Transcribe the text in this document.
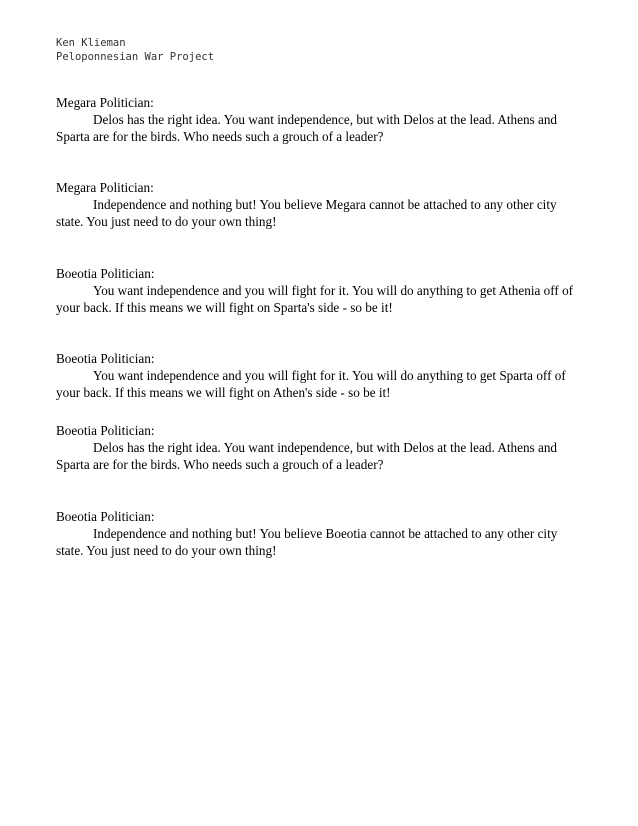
Ken Klieman
Peloponnesian War Project
Megara Politician:

Delos has the right idea. You want independence, but with Delos at the lead. Athens and Sparta are for the birds. Who needs such a grouch of a leader?

Megara Politician:

Independence and nothing but! You believe Megara cannot be attached to any other city state. You just need to do your own thing!

Boeotia Politician:

You want independence and you will fight for it. You will do anything to get Athenia off of your back. If this means we will fight on Sparta's side - so be it!

Boeotia Politician:

You want independence and you will fight for it. You will do anything to get Sparta off of your back. If this means we will fight on Athen's side - so be it!

Boeotia Politician:

Delos has the right idea. You want independence, but with Delos at the lead. Athens and Sparta are for the birds. Who needs such a grouch of a leader?

Boeotia Politician:

Independence and nothing but! You believe Boeotia cannot be attached to any other city state. You just need to do your own thing!
